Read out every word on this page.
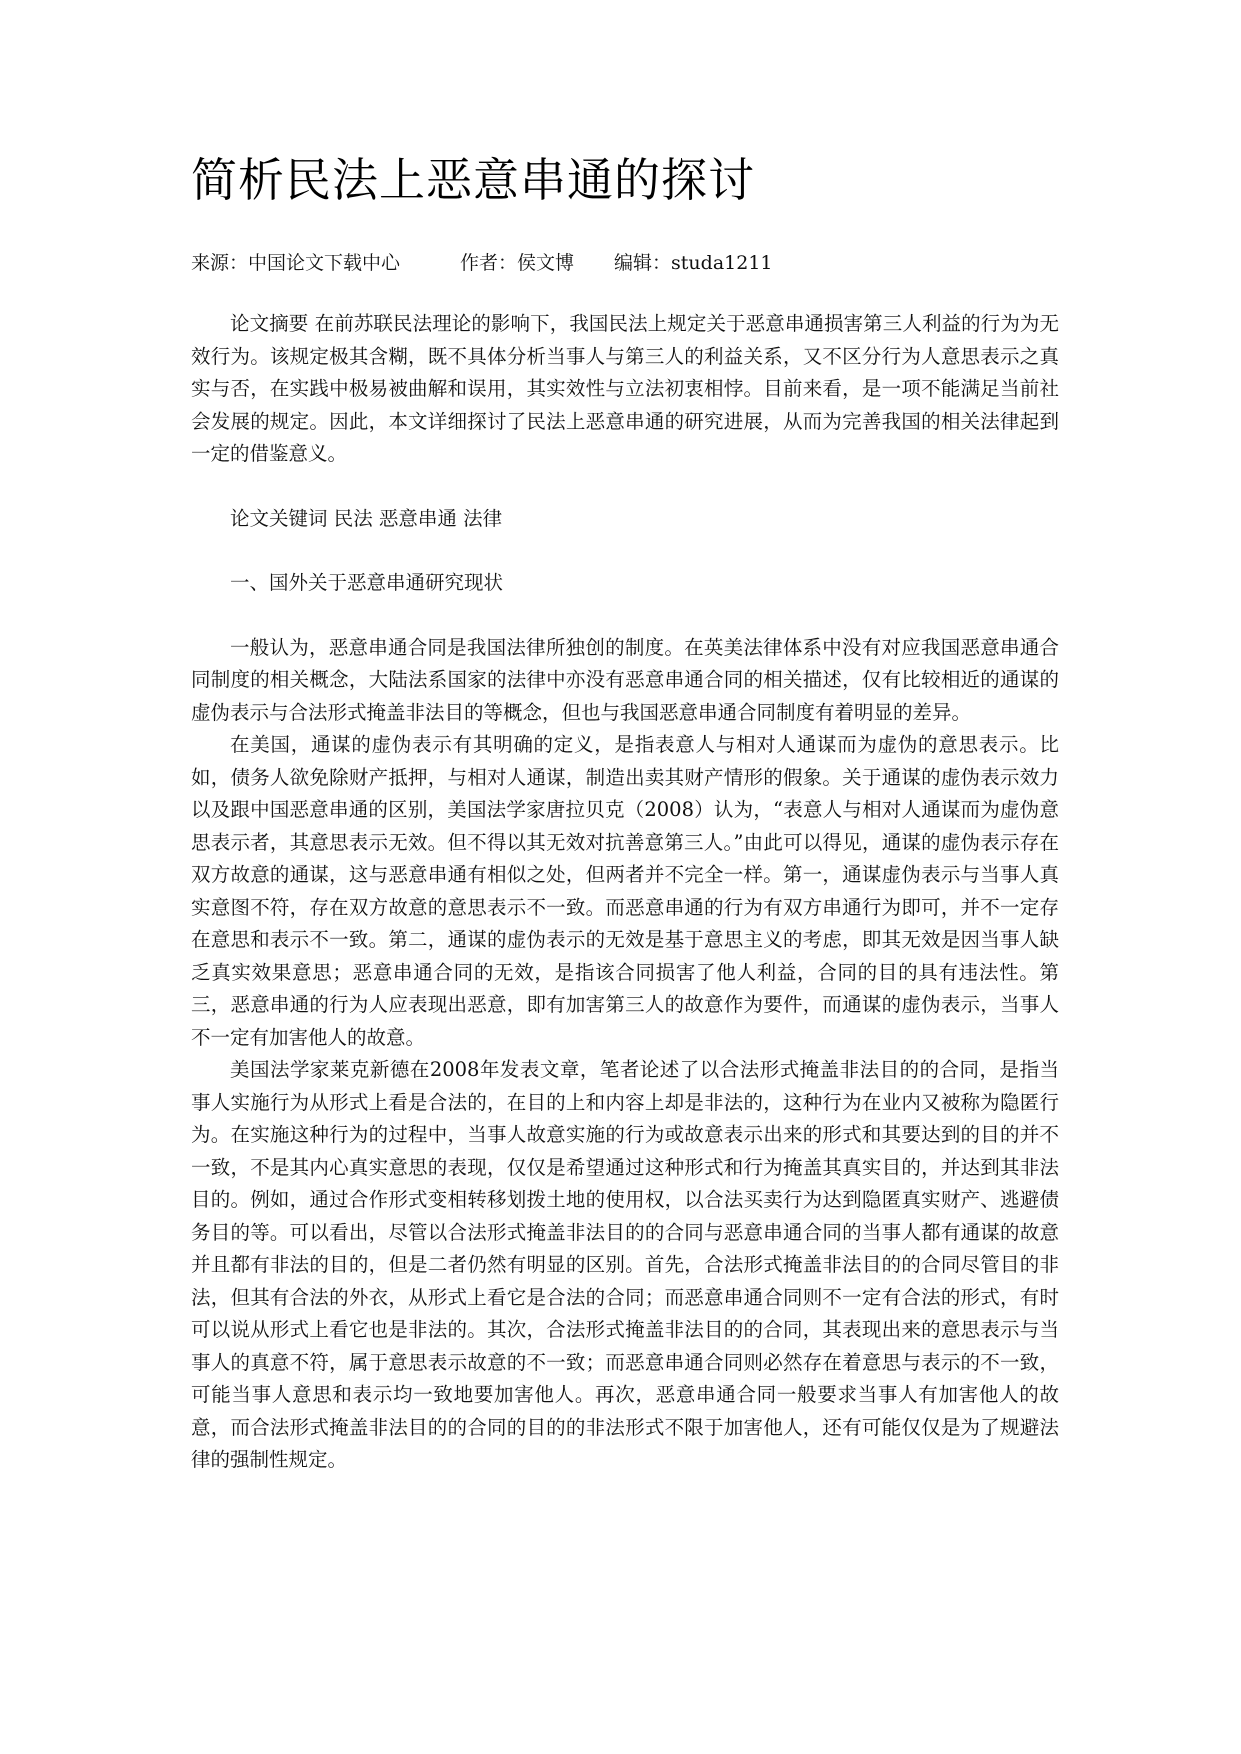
简析民法上恶意串通的探讨
来源：中国论文下载中心	作者：侯文博 编辑：studa1211

论文摘要 在前苏联民法理论的影响下，我国民法上规定关于恶意串通损害第三人利益的行为为无效行为。该规定极其含糊，既不具体分析当事人与第三人的利益关系，又不区分行为人意思表示之真实与否，在实践中极易被曲解和误用，其实效性与立法初衷相悖。目前来看，是一项不能满足当前社会发展的规定。因此，本文详细探讨了民法上恶意串通的研究进展，从而为完善我国的相关法律起到一定的借鉴意义。

论文关键词 民法 恶意串通 法律

一、国外关于恶意串通研究现状

一般认为，恶意串通合同是我国法律所独创的制度。在英美法律体系中没有对应我国恶意串通合同制度的相关概念，大陆法系国家的法律中亦没有恶意串通合同的相关描述，仅有比较相近的通谋的虚伪表示与合法形式掩盖非法目的等概念，但也与我国恶意串通合同制度有着明显的差异。

在美国，通谋的虚伪表示有其明确的定义，是指表意人与相对人通谋而为虚伪的意思表示。比如，债务人欲免除财产抵押，与相对人通谋，制造出卖其财产情形的假象。关于通谋的虚伪表示效力以及跟中国恶意串通的区别，美国法学家唐拉贝克（2008）认为，“表意人与相对人通谋而为虚伪意思表示者，其意思表示无效。但不得以其无效对抗善意第三人。”由此可以得见，通谋的虚伪表示存在双方故意的通谋，这与恶意串通有相似之处，但两者并不完全一样。第一，通谋虚伪表示与当事人真实意图不符，存在双方故意的意思表示不一致。而恶意串通的行为有双方串通行为即可，并不一定存在意思和表示不一致。第二，通谋的虚伪表示的无效是基于意思主义的考虑，即其无效是因当事人缺乏真实效果意思；恶意串通合同的无效，是指该合同损害了他人利益，合同的目的具有违法性。第三，恶意串通的行为人应表现出恶意，即有加害第三人的故意作为要件，而通谋的虚伪表示，当事人不一定有加害他人的故意。

美国法学家莱克新德在2008年发表文章，笔者论述了以合法形式掩盖非法目的的合同，是指当事人实施行为从形式上看是合法的，在目的上和内容上却是非法的，这种行为在业内又被称为隐匿行为。在实施这种行为的过程中，当事人故意实施的行为或故意表示出来的形式和其要达到的目的并不一致，不是其内心真实意思的表现，仅仅是希望通过这种形式和行为掩盖其真实目的，并达到其非法目的。例如，通过合作形式变相转移划拨土地的使用权，以合法买卖行为达到隐匿真实财产、逃避债务目的等。可以看出，尽管以合法形式掩盖非法目的的合同与恶意串通合同的当事人都有通谋的故意并且都有非法的目的，但是二者仍然有明显的区别。首先，合法形式掩盖非法目的的合同尽管目的非法，但其有合法的外衣，从形式上看它是合法的合同；而恶意串通合同则不一定有合法的形式，有时可以说从形式上看它也是非法的。其次，合法形式掩盖非法目的的合同，其表现出来的意思表示与当事人的真意不符，属于意思表示故意的不一致；而恶意串通合同则必然存在着意思与表示的不一致，可能当事人意思和表示均一致地要加害他人。再次，恶意串通合同一般要求当事人有加害他人的故意，而合法形式掩盖非法目的的合同的目的的非法形式不限于加害他人，还有可能仅仅是为了规避法律的强制性规定。
